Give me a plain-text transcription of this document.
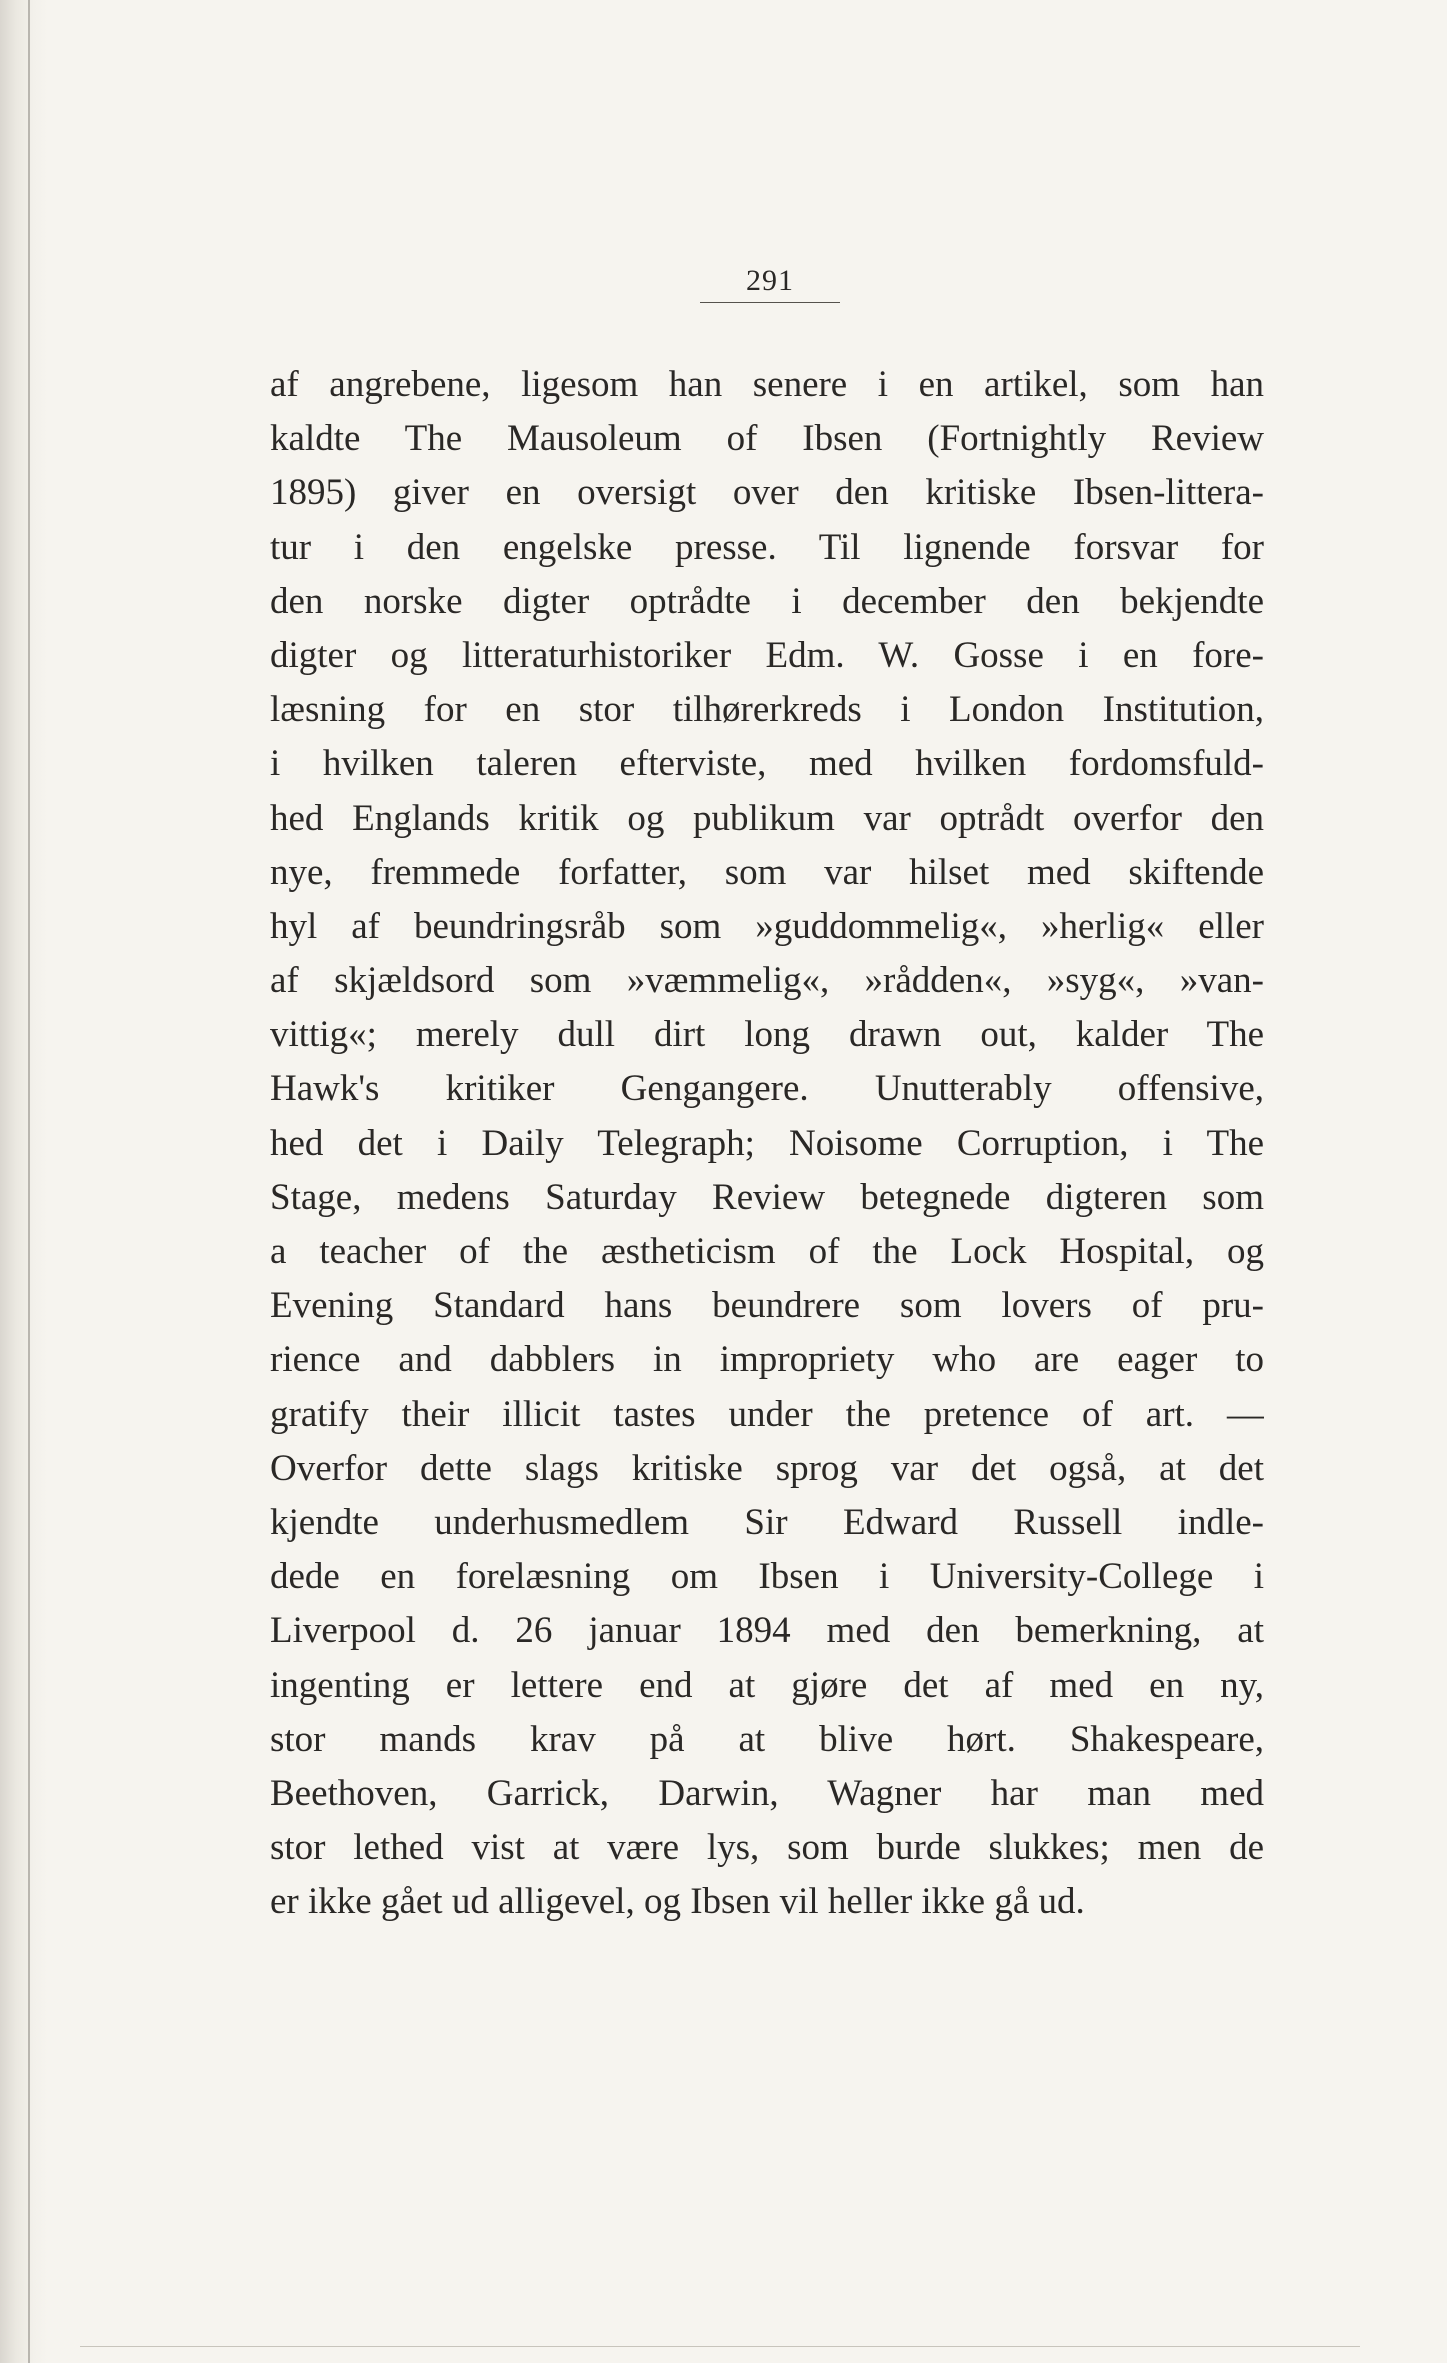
291
af angrebene, ligesom han senere i en artikel, som han
kaldte The Mausoleum of Ibsen (Fortnightly Review
1895) giver en oversigt over den kritiske Ibsen-littera-
tur i den engelske presse. Til lignende forsvar for
den norske digter optrådte i december den bekjendte
digter og litteraturhistoriker Edm. W. Gosse i en fore-
læsning for en stor tilhørerkreds i London Institution,
i hvilken taleren efterviste, med hvilken fordomsfuld-
hed Englands kritik og publikum var optrådt overfor den
nye, fremmede forfatter, som var hilset med skiftende
hyl af beundringsråb som »guddommelig«, »herlig« eller
af skjældsord som »væmmelig«, »rådden«, »syg«, »van-
vittig«; merely dull dirt long drawn out, kalder The
Hawk's kritiker Gengangere. Unutterably offensive,
hed det i Daily Telegraph; Noisome Corruption, i The
Stage, medens Saturday Review betegnede digteren som
a teacher of the æstheticism of the Lock Hospital, og
Evening Standard hans beundrere som lovers of pru-
rience and dabblers in impropriety who are eager to
gratify their illicit tastes under the pretence of art. —
Overfor dette slags kritiske sprog var det også, at det
kjendte underhusmedlem Sir Edward Russell indle-
dede en forelæsning om Ibsen i University-College i
Liverpool d. 26 januar 1894 med den bemerkning, at
ingenting er lettere end at gjøre det af med en ny,
stor mands krav på at blive hørt. Shakespeare,
Beethoven, Garrick, Darwin, Wagner har man med
stor lethed vist at være lys, som burde slukkes; men de
er ikke gået ud alligevel, og Ibsen vil heller ikke gå ud.
